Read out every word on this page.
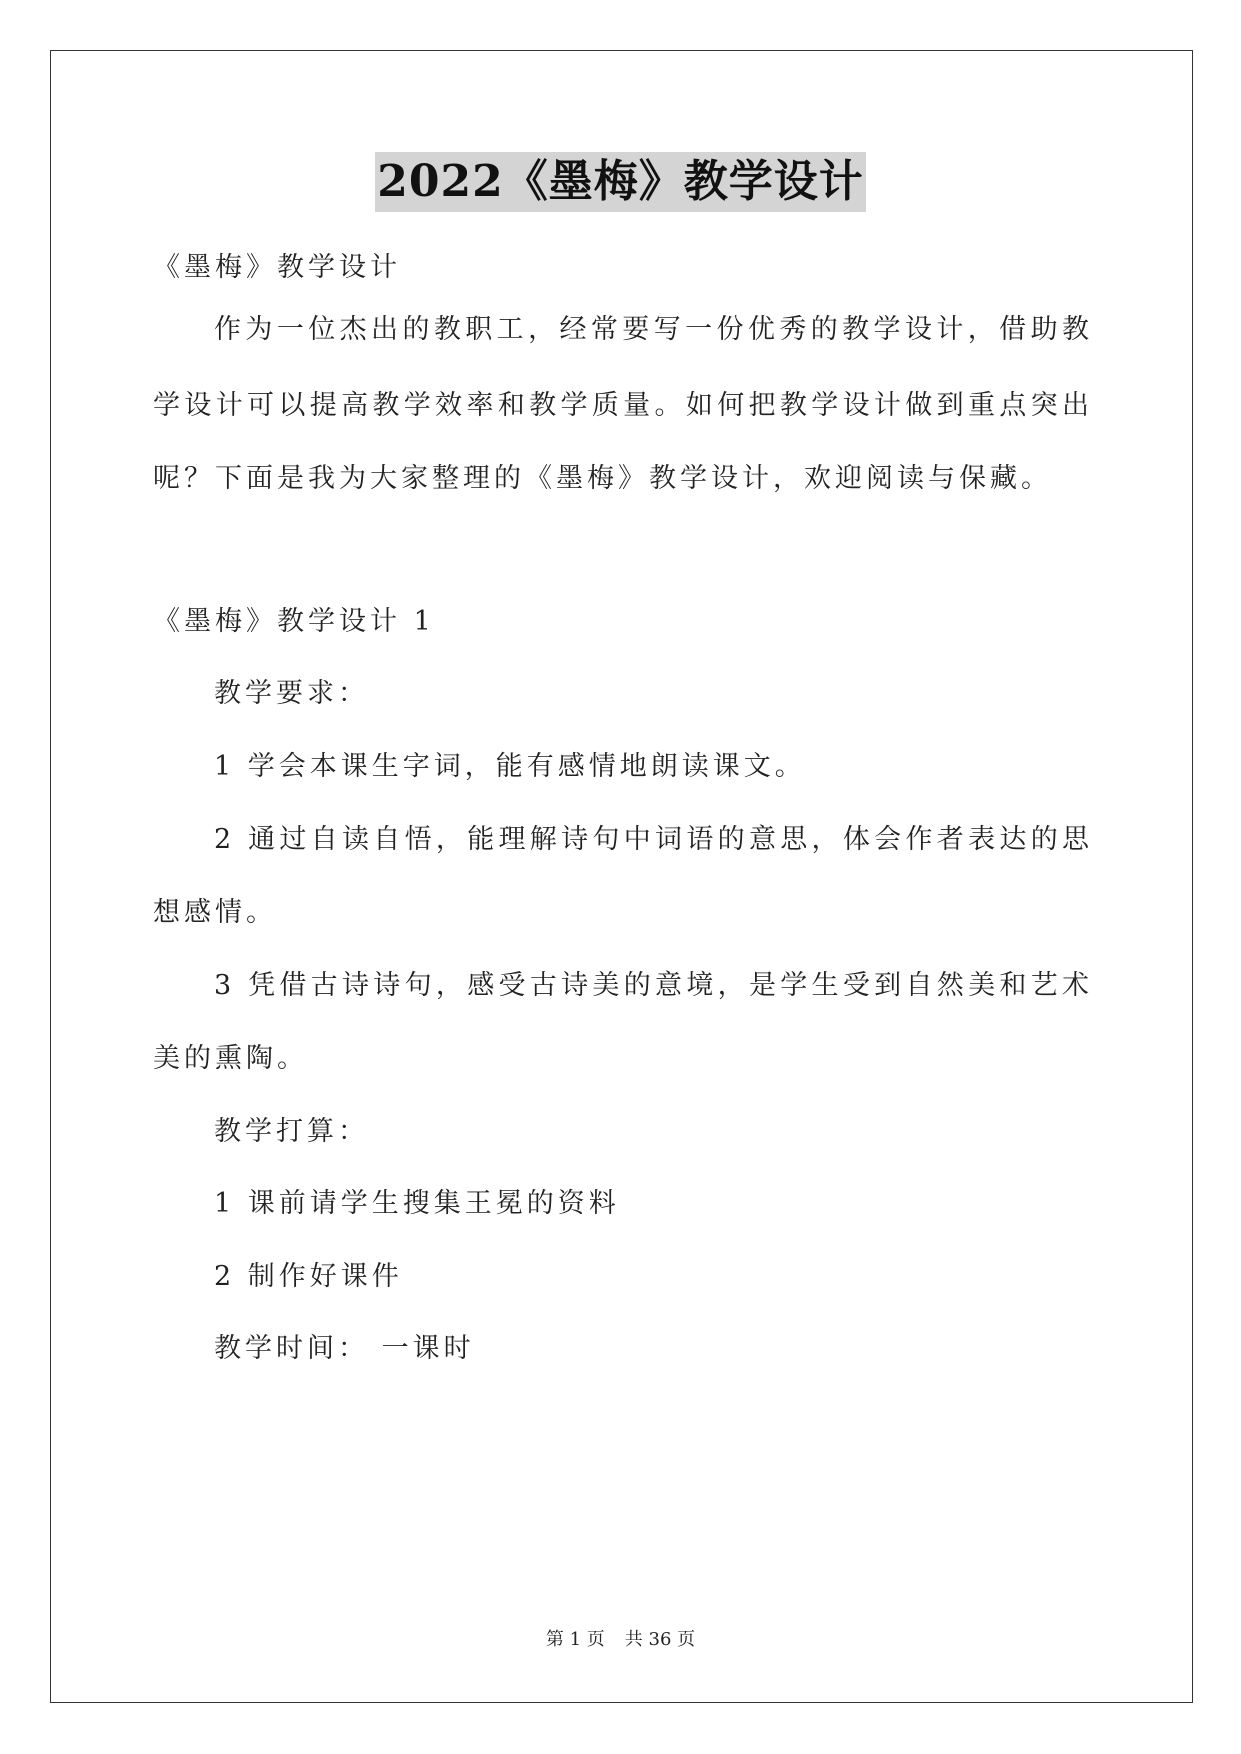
2022《墨梅》教学设计

《墨梅》教学设计

作为一位杰出的教职工，经常要写一份优秀的教学设计，借助教

学设计可以提高教学效率和教学质量。如何把教学设计做到重点突出

呢？下面是我为大家整理的《墨梅》教学设计，欢迎阅读与保藏。

《墨梅》教学设计 1

教学要求：

1 学会本课生字词，能有感情地朗读课文。

2 通过自读自悟，能理解诗句中词语的意思，体会作者表达的思

想感情。

3 凭借古诗诗句，感受古诗美的意境，是学生受到自然美和艺术

美的熏陶。

教学打算：

1 课前请学生搜集王冕的资料

2 制作好课件

教学时间： 一课时

第 1 页 共 36 页
